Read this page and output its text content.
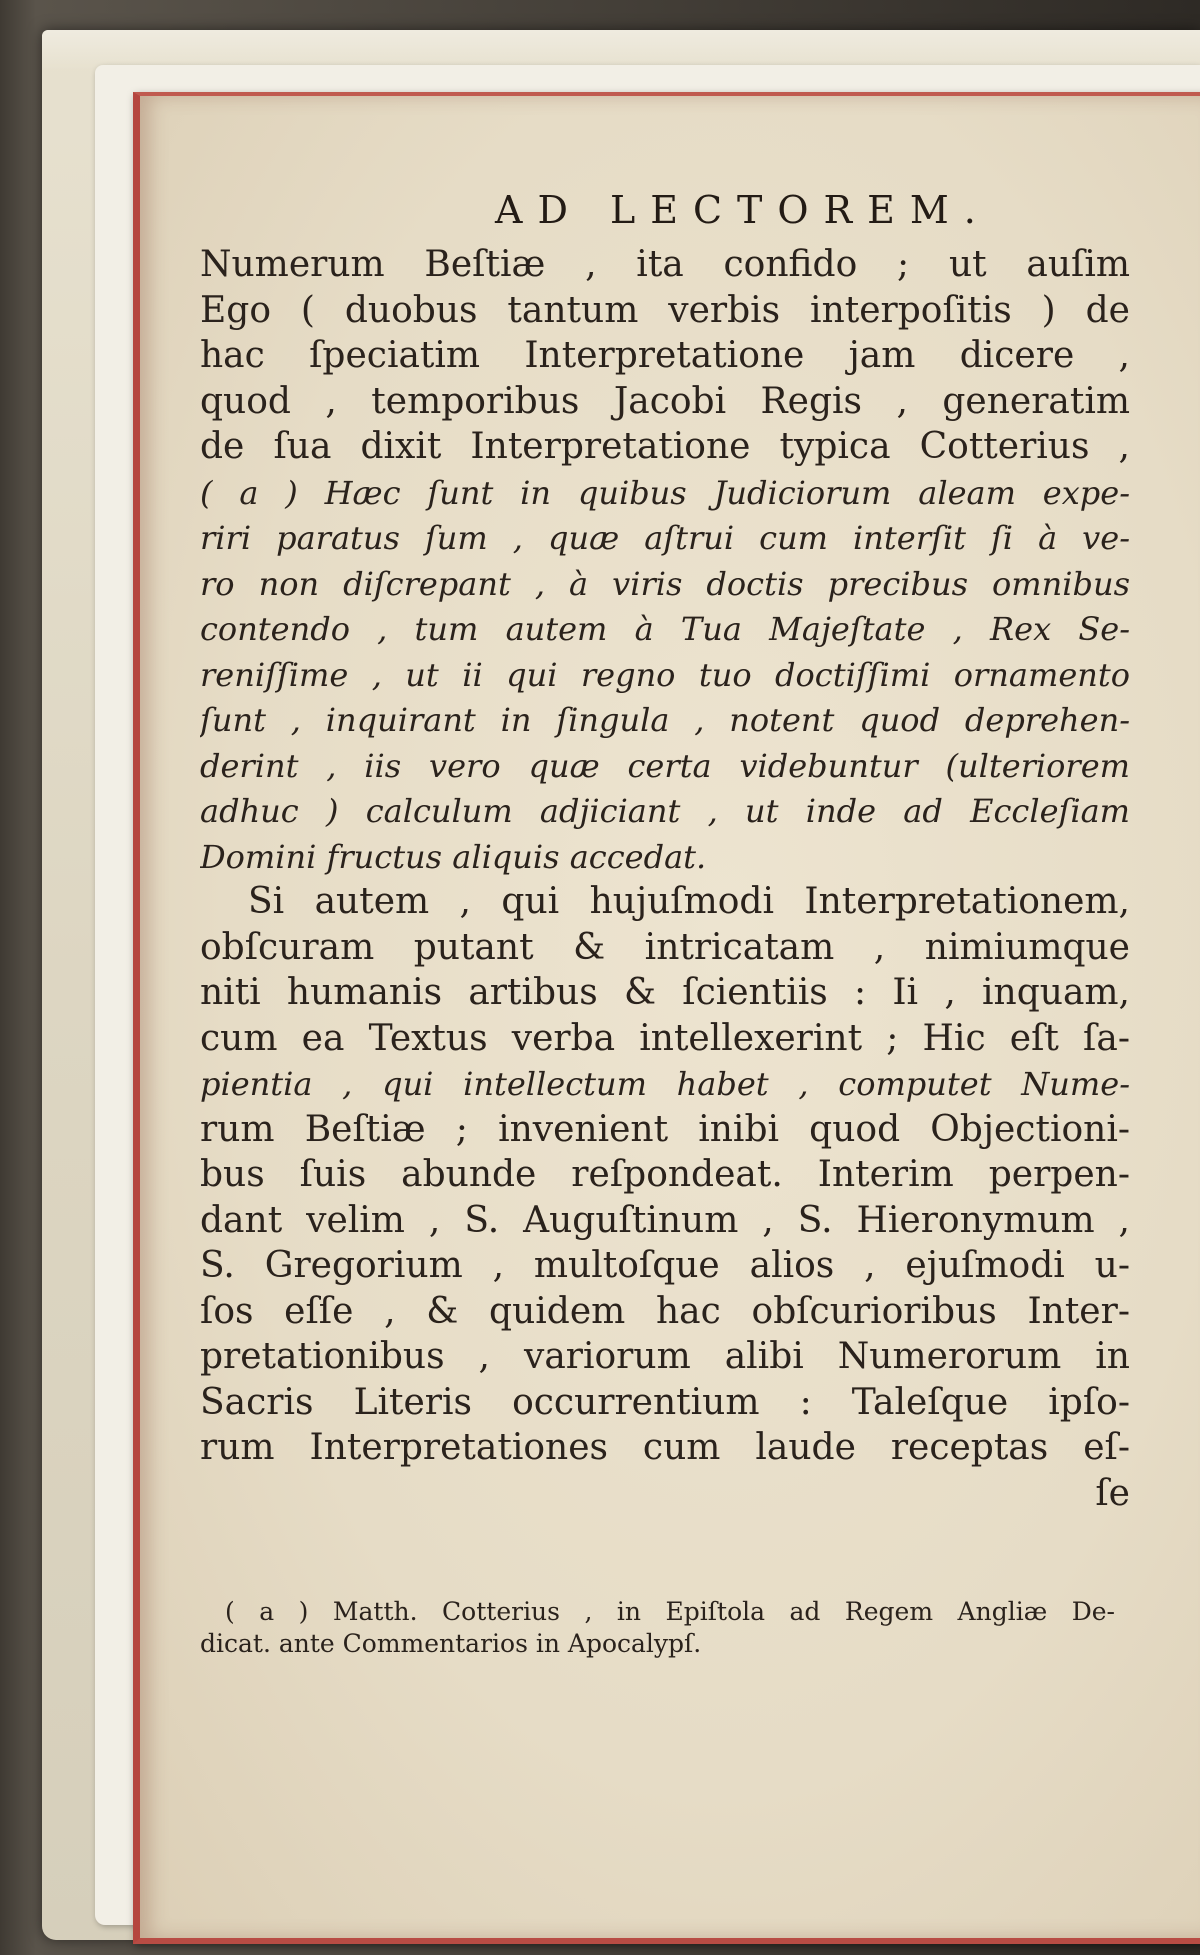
AD LECTOREM.
Numerum Beſtiæ , ita confido ; ut auſim
Ego ( duobus tantum verbis interpoſitis ) de
hac ſpeciatim Interpretatione jam dicere ,
quod , temporibus Jacobi Regis , generatim
de ſua dixit Interpretatione typica Cotterius ,
( a ) Hæc ſunt in quibus Judiciorum aleam expe-
riri paratus ſum , quæ aſtrui cum interſit ſi à ve-
ro non diſcrepant , à viris doctis precibus omnibus
contendo , tum autem à Tua Majeſtate , Rex Se-
reniſſime , ut ii qui regno tuo doctiſſimi ornamento
ſunt , inquirant in ſingula , notent quod deprehen-
derint , iis vero quæ certa videbuntur (ulteriorem
adhuc ) calculum adjiciant , ut inde ad Eccleſiam
Domini fructus aliquis accedat.
Si autem , qui hujuſmodi Interpretationem,
obſcuram putant & intricatam , nimiumque
niti humanis artibus & ſcientiis : Ii , inquam,
cum ea Textus verba intellexerint ; Hic eſt ſa-
pientia , qui intellectum habet , computet Nume-
rum Beſtiæ ; invenient inibi quod Objectioni-
bus ſuis abunde reſpondeat. Interim perpen-
dant velim , S. Auguſtinum , S. Hieronymum ,
S. Gregorium , multoſque alios , ejuſmodi u-
ſos eſſe , & quidem hac obſcurioribus Inter-
pretationibus , variorum alibi Numerorum in
Sacris Literis occurrentium : Taleſque ipſo-
rum Interpretationes cum laude receptas eſ-
ſe
( a ) Matth. Cotterius , in Epiſtola ad Regem Angliæ De-
dicat. ante Commentarios in Apocalypſ.
